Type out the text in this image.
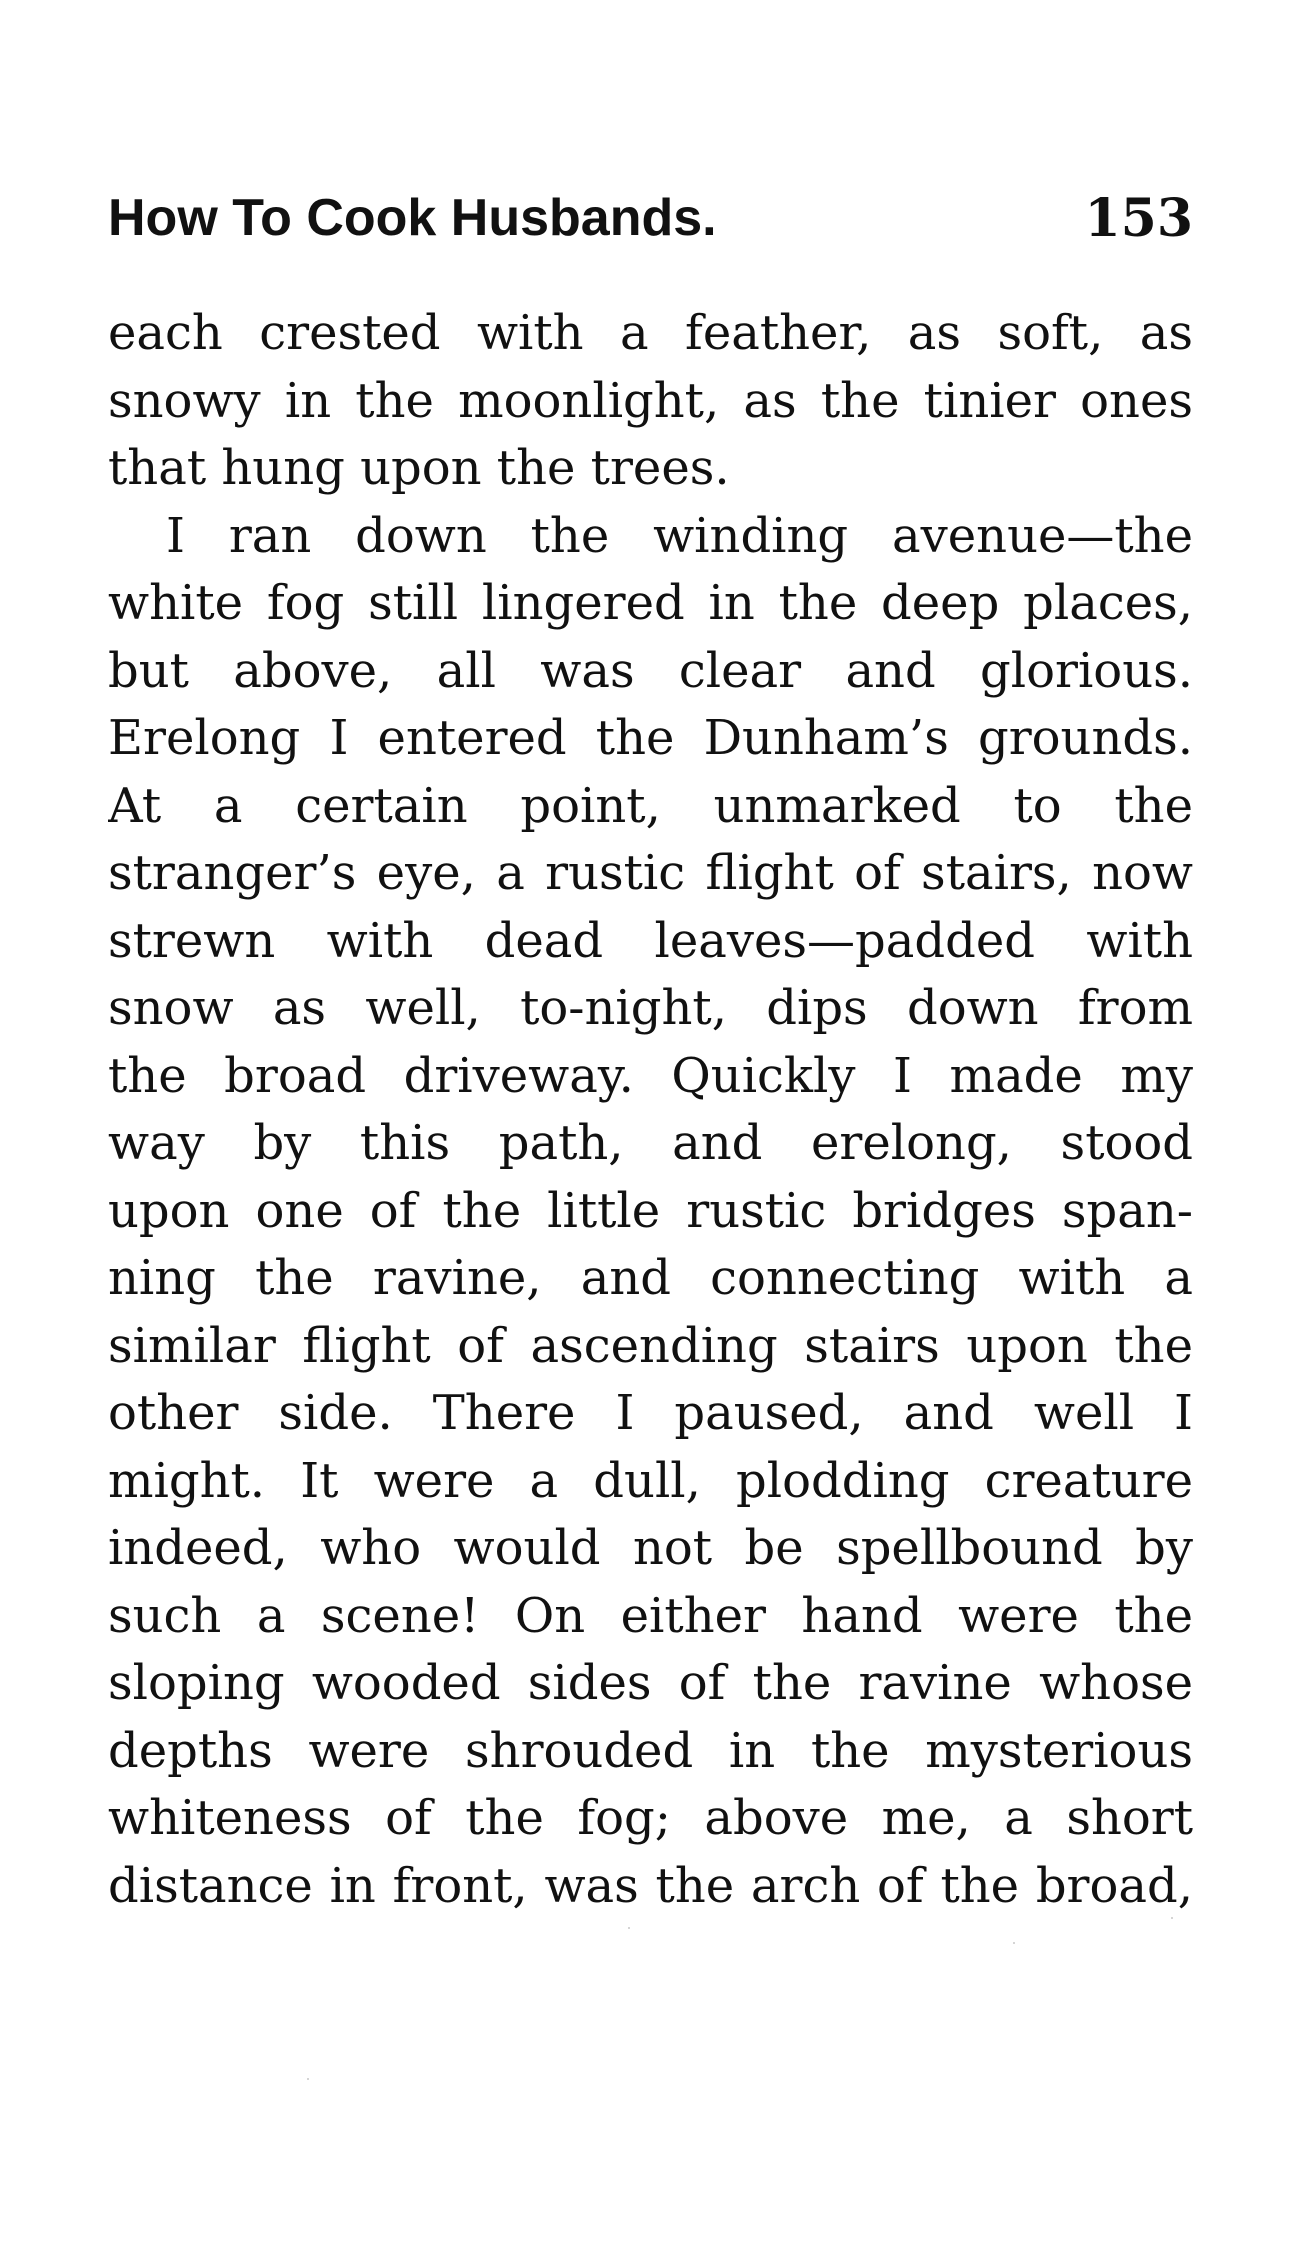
How To Cook Husbands.	153
each crested with a feather, as soft, as
snowy in the moonlight, as the tinier ones
that hung upon the trees.
I ran down the winding avenue—the
white fog still lingered in the deep places,
but above, all was clear and glorious.
Erelong I entered the Dunham’s grounds.
At a certain point, unmarked to the
stranger’s eye, a rustic flight of stairs, now
strewn with dead leaves—padded with
snow as well, to-night, dips down from
the broad driveway. Quickly I made my
way by this path, and erelong, stood
upon one of the little rustic bridges span-
ning the ravine, and connecting with a
similar flight of ascending stairs upon the
other side. There I paused, and well I
might. It were a dull, plodding creature
indeed, who would not be spellbound by
such a scene! On either hand were the
sloping wooded sides of the ravine whose
depths were shrouded in the mysterious
whiteness of the fog; above me, a short
distance in front, was the arch of the broad,
